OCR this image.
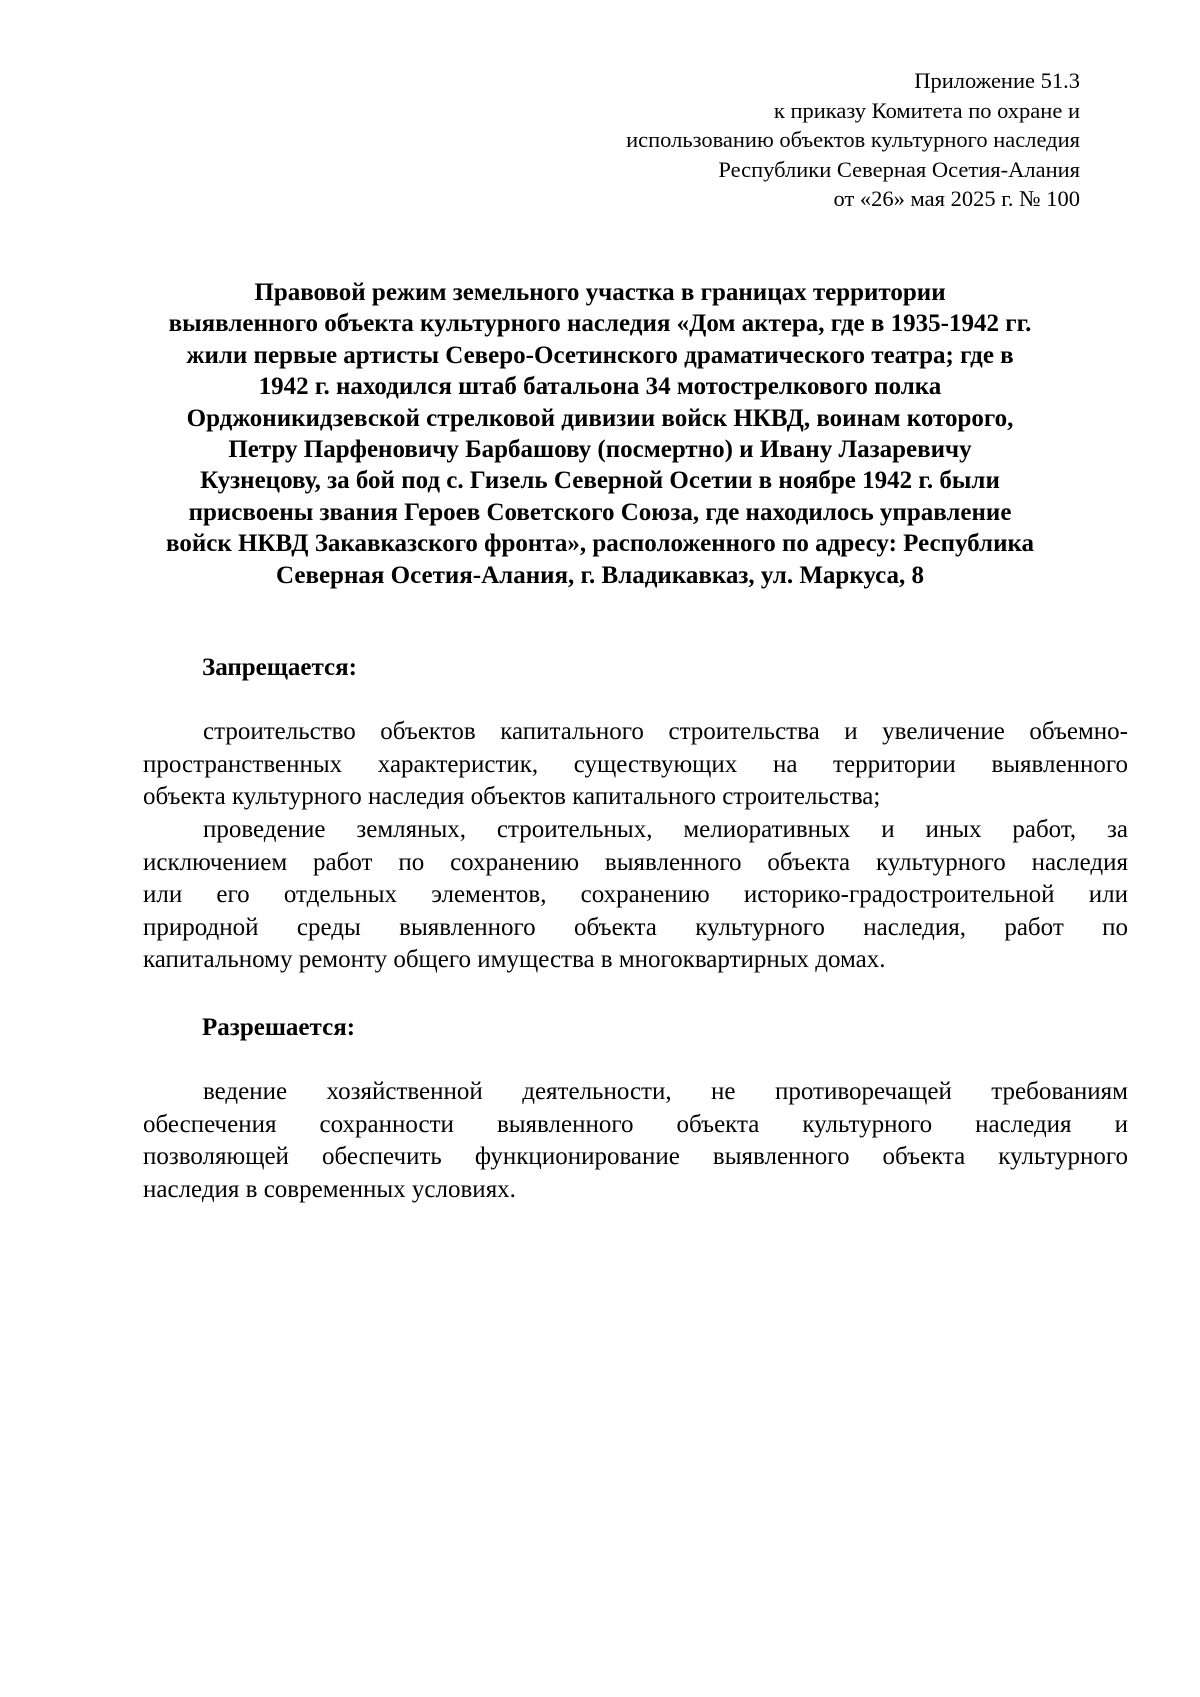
Приложение 51.3
к приказу Комитета по охране и
использованию объектов культурного наследия
Республики Северная Осетия-Алания
от «26» мая 2025 г. № 100
Правовой режим земельного участка в границах территории
выявленного объекта культурного наследия «Дом актера, где в 1935-1942 гг.
жили первые артисты Северо-Осетинского драматического театра; где в
1942 г. находился штаб батальона 34 мотострелкового полка
Орджоникидзевской стрелковой дивизии войск НКВД, воинам которого,
Петру Парфеновичу Барбашову (посмертно) и Ивану Лазаревичу
Кузнецову, за бой под с. Гизель Северной Осетии в ноябре 1942 г. были
присвоены звания Героев Советского Союза, где находилось управление
войск НКВД Закавказского фронта», расположенного по адресу: Республика
Северная Осетия-Алания, г. Владикавказ, ул. Маркуса, 8
Запрещается:
строительство объектов капитального строительства и увеличение объемно-
пространственных характеристик, существующих на территории выявленного
объекта культурного наследия объектов капитального строительства;
проведение земляных, строительных, мелиоративных и иных работ, за
исключением работ по сохранению выявленного объекта культурного наследия
или его отдельных элементов, сохранению историко-градостроительной или
природной среды выявленного объекта культурного наследия, работ по
капитальному ремонту общего имущества в многоквартирных домах.
Разрешается:
ведение хозяйственной деятельности, не противоречащей требованиям
обеспечения сохранности выявленного объекта культурного наследия и
позволяющей обеспечить функционирование выявленного объекта культурного
наследия в современных условиях.
